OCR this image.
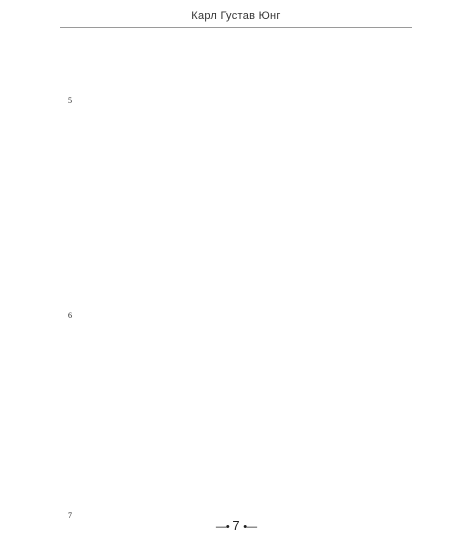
Карл Густав Юнг
$^5$
$^6$
$^7$
—• 7 •—
